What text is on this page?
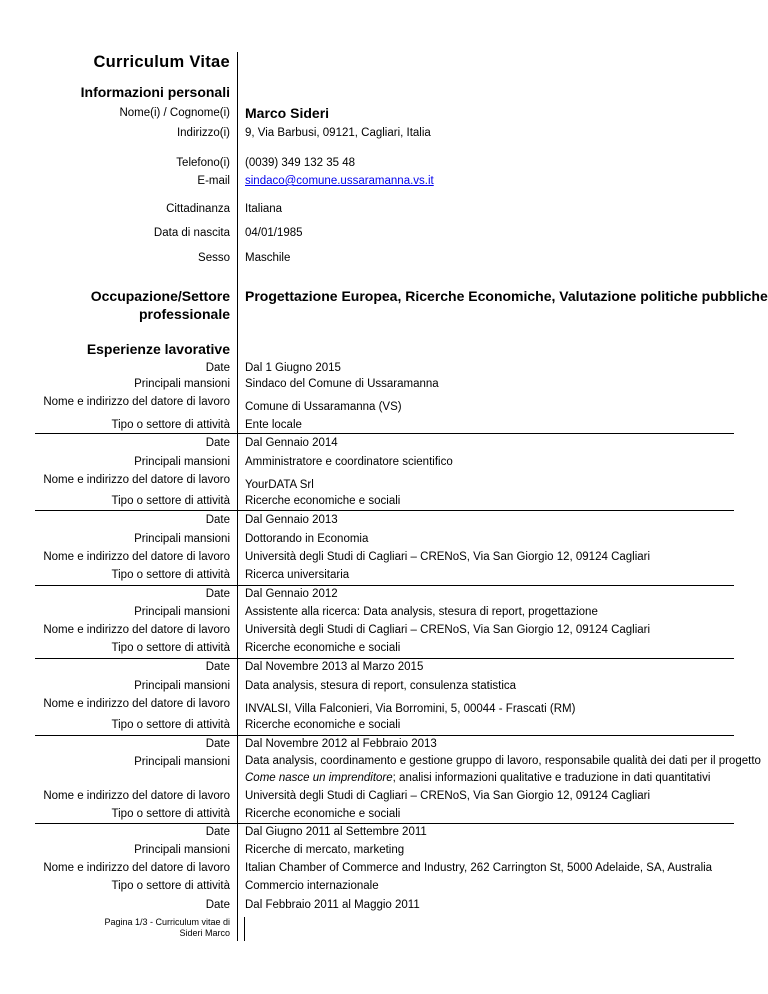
Curriculum Vitae
Informazioni personali
Nome(i) / Cognome(i) Marco Sideri
Indirizzo(i) 9, Via Barbusi, 09121, Cagliari, Italia
Telefono(i) (0039) 349 132 35 48
E-mail sindaco@comune.ussaramanna.vs.it
Cittadinanza Italiana
Data di nascita 04/01/1985
Sesso Maschile
Occupazione/Settore
professionale
Progettazione Europea, Ricerche Economiche, Valutazione politiche pubbliche
Esperienze lavorative
Date Dal 1 Giugno 2015
Principali mansioni Sindaco del Comune di Ussaramanna
Nome e indirizzo del datore di lavoro Comune di Ussaramanna (VS)
Tipo o settore di attività Ente locale
Date Dal Gennaio 2014
Principali mansioni Amministratore e coordinatore scientifico
Nome e indirizzo del datore di lavoro YourDATA Srl
Tipo o settore di attività Ricerche economiche e sociali
Date Dal Gennaio 2013
Principali mansioni Dottorando in Economia
Nome e indirizzo del datore di lavoro Università degli Studi di Cagliari – CRENoS, Via San Giorgio 12, 09124 Cagliari
Tipo o settore di attività Ricerca universitaria
Date Dal Gennaio 2012
Principali mansioni Assistente alla ricerca: Data analysis, stesura di report, progettazione
Nome e indirizzo del datore di lavoro Università degli Studi di Cagliari – CRENoS, Via San Giorgio 12, 09124 Cagliari
Tipo o settore di attività Ricerche economiche e sociali
Date Dal Novembre 2013 al Marzo 2015
Principali mansioni Data analysis, stesura di report, consulenza statistica
Nome e indirizzo del datore di lavoro INVALSI, Villa Falconieri, Via Borromini, 5, 00044 - Frascati (RM)
Tipo o settore di attività Ricerche economiche e sociali
Date Dal Novembre 2012 al Febbraio 2013
Principali mansioni Data analysis, coordinamento e gestione gruppo di lavoro, responsabile qualità dei dati per il progetto
Come nasce un imprenditore; analisi informazioni qualitative e traduzione in dati quantitativi
Nome e indirizzo del datore di lavoro Università degli Studi di Cagliari – CRENoS, Via San Giorgio 12, 09124 Cagliari
Tipo o settore di attività Ricerche economiche e sociali
Date Dal Giugno 2011 al Settembre 2011
Principali mansioni Ricerche di mercato, marketing
Nome e indirizzo del datore di lavoro Italian Chamber of Commerce and Industry, 262 Carrington St, 5000 Adelaide, SA, Australia
Tipo o settore di attività Commercio internazionale
Date Dal Febbraio 2011 al Maggio 2011
Pagina 1/3 - Curriculum vitae di
Sideri Marco
